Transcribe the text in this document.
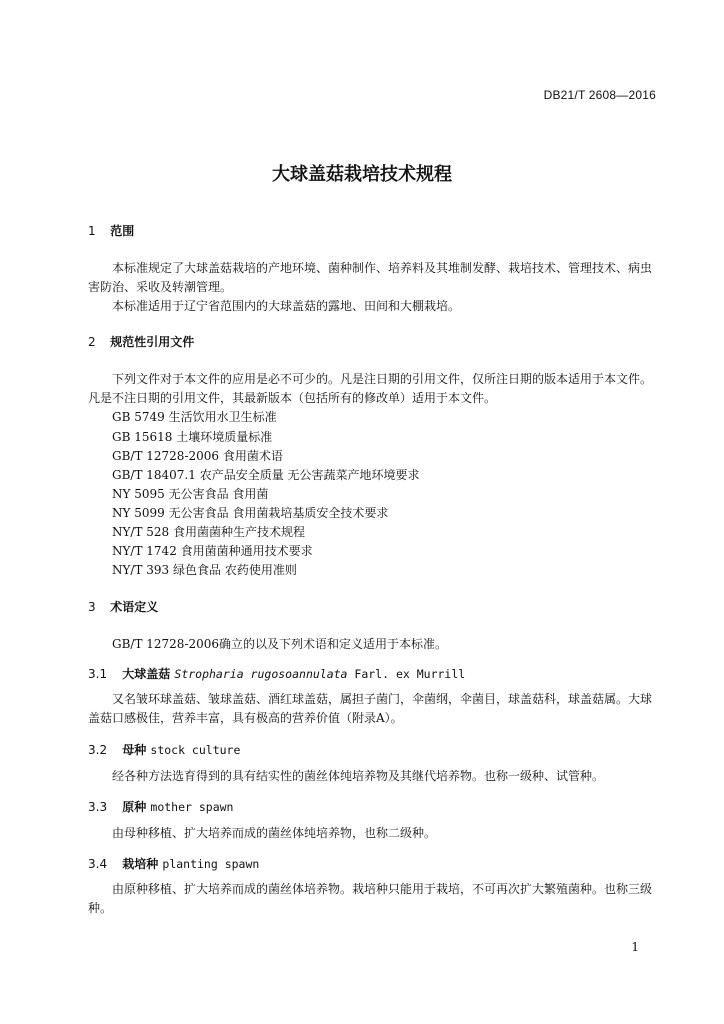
DB21/T 2608—2016
大球盖菇栽培技术规程
1 范围
本标准规定了大球盖菇栽培的产地环境、菌种制作、培养料及其堆制发酵、栽培技术、管理技术、病虫害防治、采收及转潮管理。
本标准适用于辽宁省范围内的大球盖菇的露地、田间和大棚栽培。
2 规范性引用文件
下列文件对于本文件的应用是必不可少的。凡是注日期的引用文件，仅所注日期的版本适用于本文件。凡是不注日期的引用文件，其最新版本（包括所有的修改单）适用于本文件。
GB 5749 生活饮用水卫生标准
GB 15618 土壤环境质量标准
GB/T 12728-2006 食用菌术语
GB/T 18407.1 农产品安全质量 无公害蔬菜产地环境要求
NY 5095 无公害食品 食用菌
NY 5099 无公害食品 食用菌栽培基质安全技术要求
NY/T 528 食用菌菌种生产技术规程
NY/T 1742 食用菌菌种通用技术要求
NY/T 393 绿色食品 农药使用准则
3 术语定义
GB/T 12728-2006确立的以及下列术语和定义适用于本标准。
3.1 大球盖菇 Stropharia rugosoannulata Farl. ex Murrill
又名皱环球盖菇、皱球盖菇、酒红球盖菇，属担子菌门，伞菌纲，伞菌目，球盖菇科，球盖菇属。大球盖菇口感极佳，营养丰富，具有极高的营养价值（附录A）。
3.2 母种 stock culture
经各种方法选育得到的具有结实性的菌丝体纯培养物及其继代培养物。也称一级种、试管种。
3.3 原种 mother spawn
由母种移植、扩大培养而成的菌丝体纯培养物，也称二级种。
3.4 栽培种 planting spawn
由原种移植、扩大培养而成的菌丝体培养物。栽培种只能用于栽培，不可再次扩大繁殖菌种。也称三级种。
1
